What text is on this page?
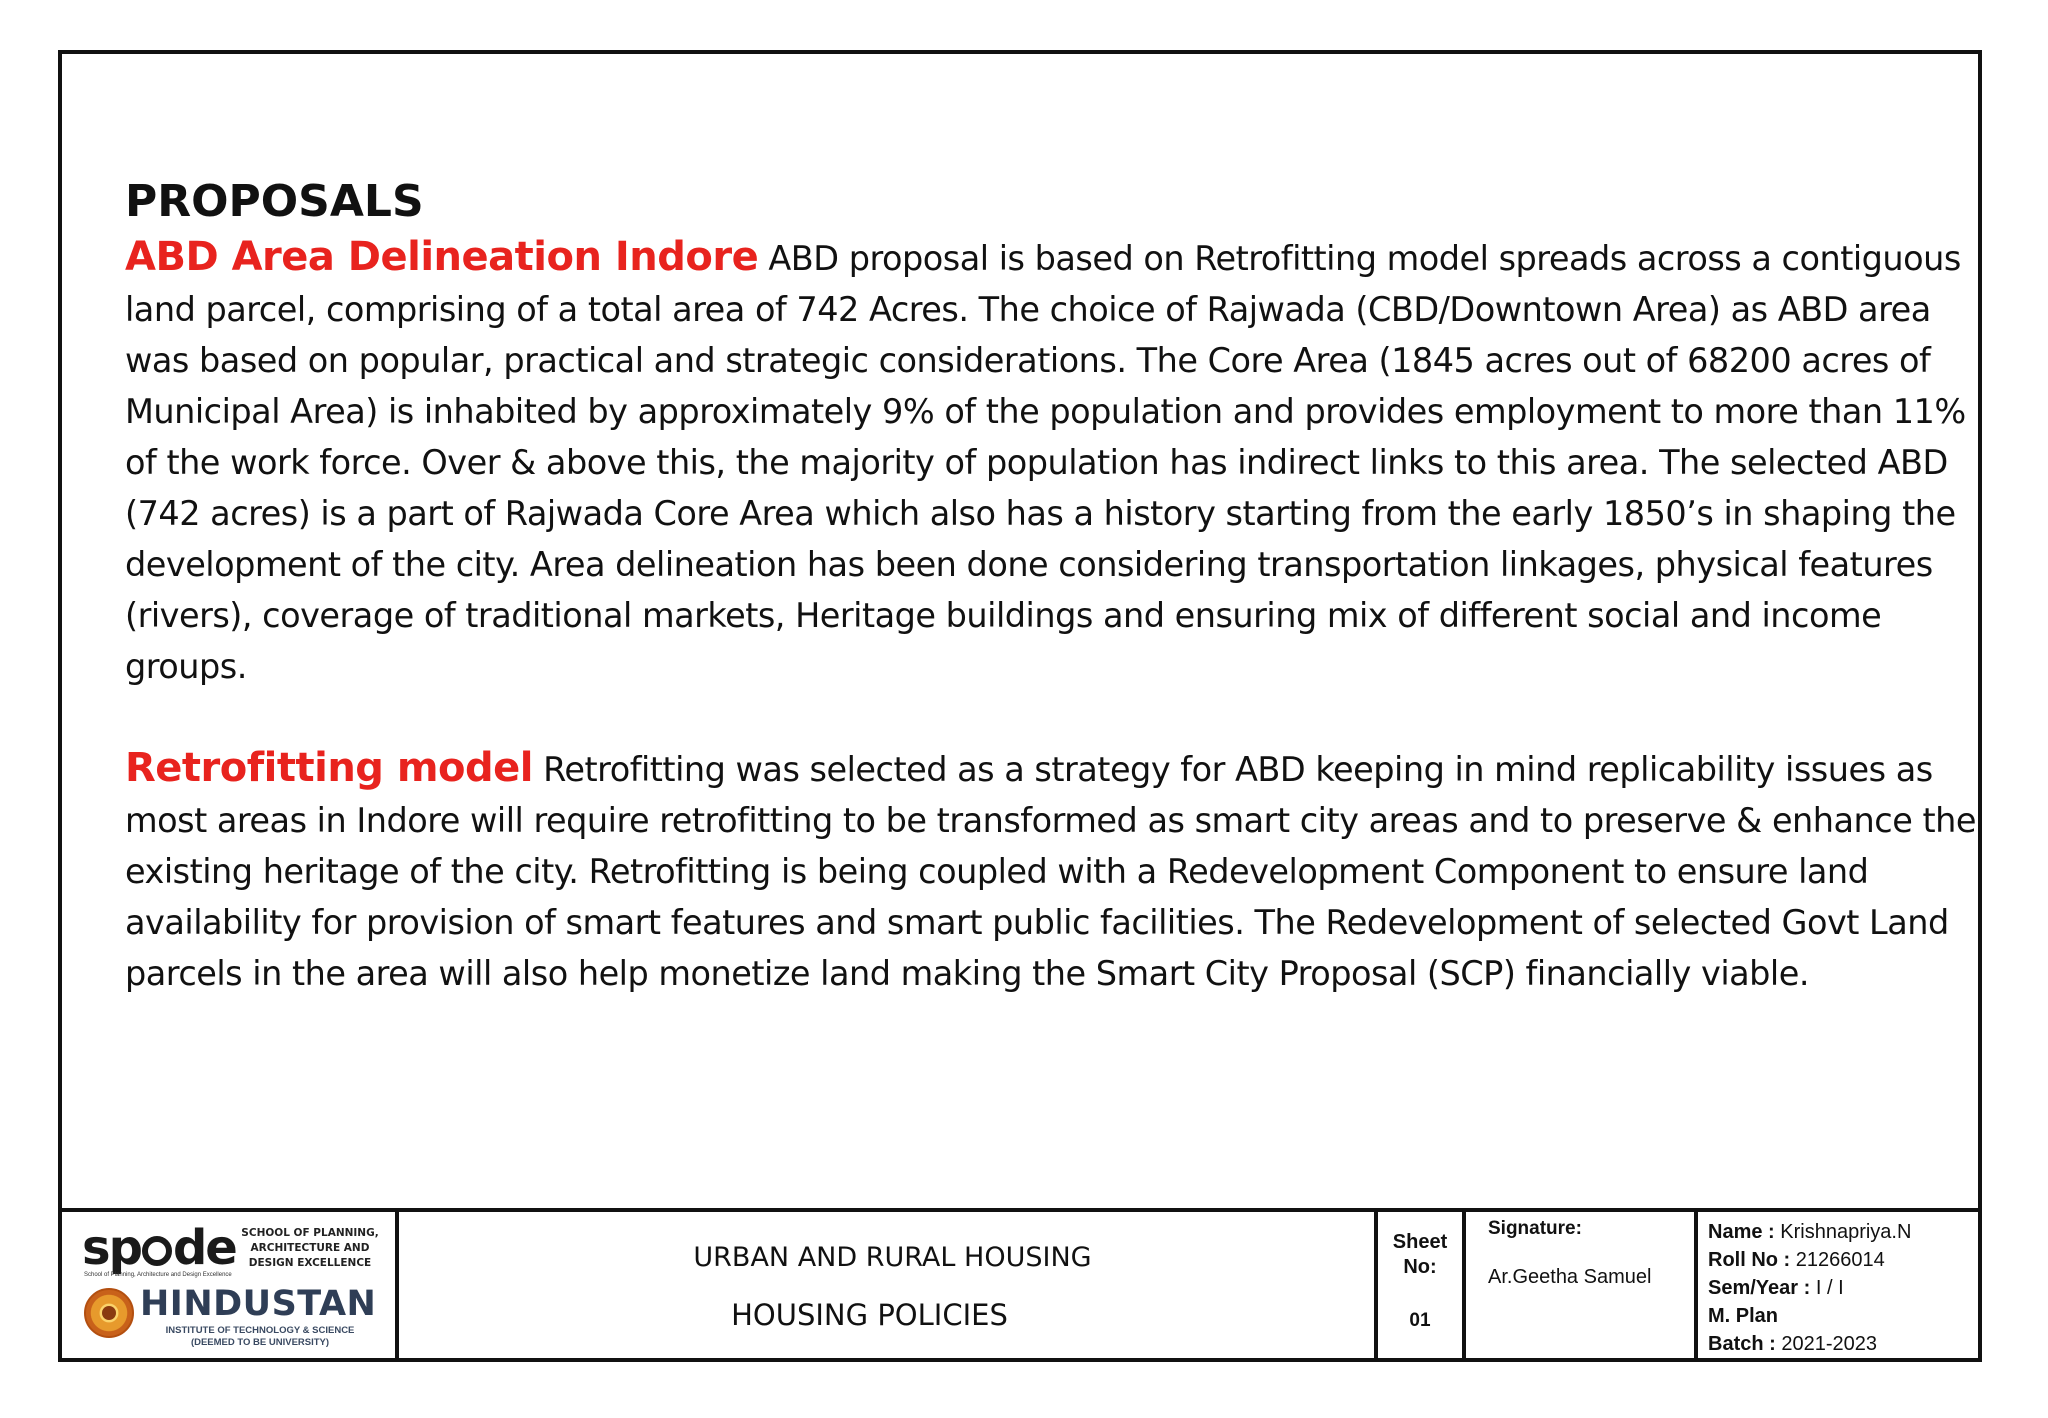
PROPOSALS

ABD Area Delineation Indore ABD proposal is based on Retrofitting model spreads across a contiguous land parcel, comprising of a total area of 742 Acres. The choice of Rajwada (CBD/Downtown Area) as ABD area was based on popular, practical and strategic considerations. The Core Area (1845 acres out of 68200 acres of Municipal Area) is inhabited by approximately 9% of the population and provides employment to more than 11% of the work force. Over & above this, the majority of population has indirect links to this area. The selected ABD (742 acres) is a part of Rajwada Core Area which also has a history starting from the early 1850’s in shaping the development of the city. Area delineation has been done considering transportation linkages, physical features (rivers), coverage of traditional markets, Heritage buildings and ensuring mix of different social and income groups.

Retrofitting model Retrofitting was selected as a strategy for ABD keeping in mind replicability issues as most areas in Indore will require retrofitting to be transformed as smart city areas and to preserve & enhance the existing heritage of the city. Retrofitting is being coupled with a Redevelopment Component to ensure land availability for provision of smart features and smart public facilities. The Redevelopment of selected Govt Land parcels in the area will also help monetize land making the Smart City Proposal (SCP) financially viable.

sp de
School of Planning, Architecture and Design Excellence
SCHOOL OF PLANNING, ARCHITECTURE AND DESIGN EXCELLENCE
HINDUSTAN
INSTITUTE OF TECHNOLOGY & SCIENCE
(DEEMED TO BE UNIVERSITY)
URBAN AND RURAL HOUSING
HOUSING POLICIES
Sheet No:
01
Signature:
Ar.Geetha Samuel
Name : Krishnapriya.N
Roll No : 21266014
Sem/Year : I / I
M. Plan
Batch : 2021-2023
